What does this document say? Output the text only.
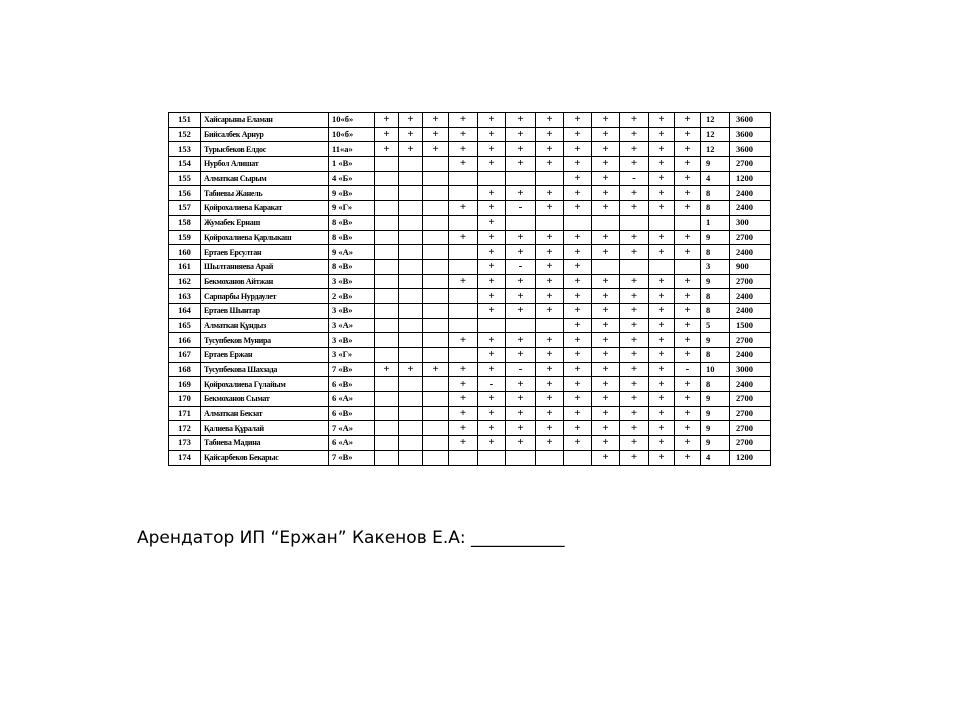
151	Хайсарыны Еламан	10«б»	+	+	+	+	+	+	+	+	+	+	+	+	12	3600
152	Бийсалбек Арнур	10«б»	+	+	+	+	+	+	+	+	+	+	+	+	12	3600
153	Турысбеков Елдос	11«а»	+	+	+	+	+	+	+	+	+	+	+	+	12	3600
154	Нурбол Алишат	1 «В»				+	+	+	+	+	+	+	+	+	9	2700
155	Алматкан Сырым	4 «Б»								+	+	-	+	+	4	1200
156	Табиевы Жанель	9 «В»					+	+	+	+	+	+	+	+	8	2400
157	Қойрохалиева Каракат	9 «Г»				+	+	-	+	+	+	+	+	+	8	2400
158	Жумабек Ернаш	8 «В»					+								1	300
159	Қойрохалиева Қарлыкаш	8 «В»				+	+	+	+	+	+	+	+	+	9	2700
160	Ертаев Ерсултан	9 «А»					+	+	+	+	+	+	+	+	8	2400
161	Шылтанияева Арай	8 «В»					+	-	+	+					3	900
162	Бекмоханов Айтжан	3 «В»				+	+	+	+	+	+	+	+	+	9	2700
163	Сарпарбы Нурдаулет	2 «В»					+	+	+	+	+	+	+	+	8	2400
164	Ертаев Шынтар	3 «В»					+	+	+	+	+	+	+	+	8	2400
165	Алматкан Құндыз	3 «А»								+	+	+	+	+	5	1500
166	Тусупбеков Мунира	3 «В»				+	+	+	+	+	+	+	+	+	9	2700
167	Ертаев Ержан	3 «Г»					+	+	+	+	+	+	+	+	8	2400
168	Тусупбекова Шахзада	7 «В»	+	+	+	+	+	-	+	+	+	+	+	-	10	3000
169	Қойрохалиева Гүлайым	6 «В»				+	-	+	+	+	+	+	+	+	8	2400
170	Бекмоханов Сымат	6 «А»				+	+	+	+	+	+	+	+	+	9	2700
171	Алматкан Бекзат	6 «В»				+	+	+	+	+	+	+	+	+	9	2700
172	Қалиева Құралай	7 «А»				+	+	+	+	+	+	+	+	+	9	2700
173	Табиева Мадина	6 «А»				+	+	+	+	+	+	+	+	+	9	2700
174	Қайсарбеков Бекарыс	7 «В»									+	+	+	+	4	1200

Арендатор ИП “Ержан” Какенов Е.А: ___________
